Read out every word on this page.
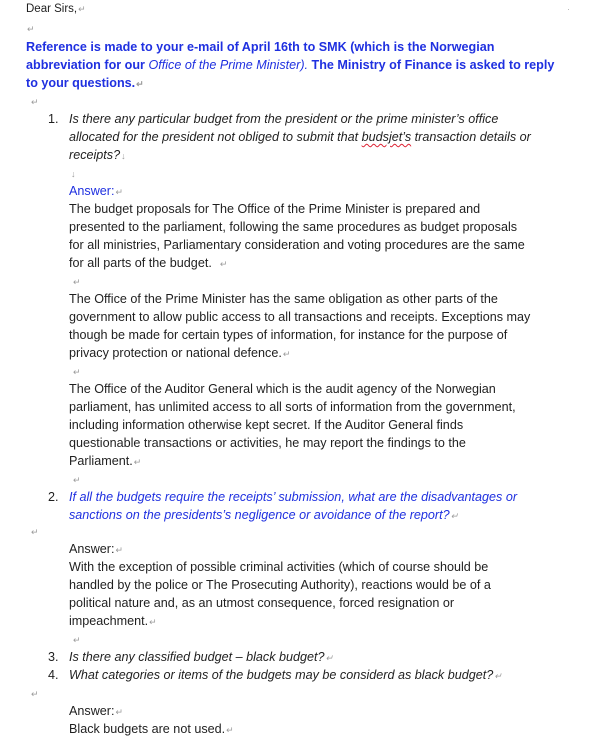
·
Dear Sirs,↵
↵
Reference is made to your e-mail of April 16th to SMK (which is the Norwegian
abbreviation for our Office of the Prime Minister). The Ministry of Finance is asked to reply
to your questions.↵
↵
1. Is there any particular budget from the president or the prime minister’s office
allocated for the president not obliged to submit that budsjet’s transaction details or
receipts?↓
↓
Answer:↵
The budget proposals for The Office of the Prime Minister is prepared and
presented to the parliament, following the same procedures as budget proposals
for all ministries, Parliamentary consideration and voting procedures are the same
for all parts of the budget. ↵
↵
The Office of the Prime Minister has the same obligation as other parts of the
government to allow public access to all transactions and receipts. Exceptions may
though be made for certain types of information, for instance for the purpose of
privacy protection or national defence.↵
↵
The Office of the Auditor General which is the audit agency of the Norwegian
parliament, has unlimited access to all sorts of information from the government,
including information otherwise kept secret. If the Auditor General finds
questionable transactions or activities, he may report the findings to the
Parliament.↵
↵
2. If all the budgets require the receipts’ submission, what are the disadvantages or
sanctions on the presidents’s negligence or avoidance of the report?↵
↵
Answer:↵
With the exception of possible criminal activities (which of course should be
handled by the police or The Prosecuting Authority), reactions would be of a
political nature and, as an utmost consequence, forced resignation or
impeachment.↵
↵
3. Is there any classified budget – black budget?↵
4. What categories or items of the budgets may be considerd as black budget?↵
↵
Answer:↵
Black budgets are not used.↵
